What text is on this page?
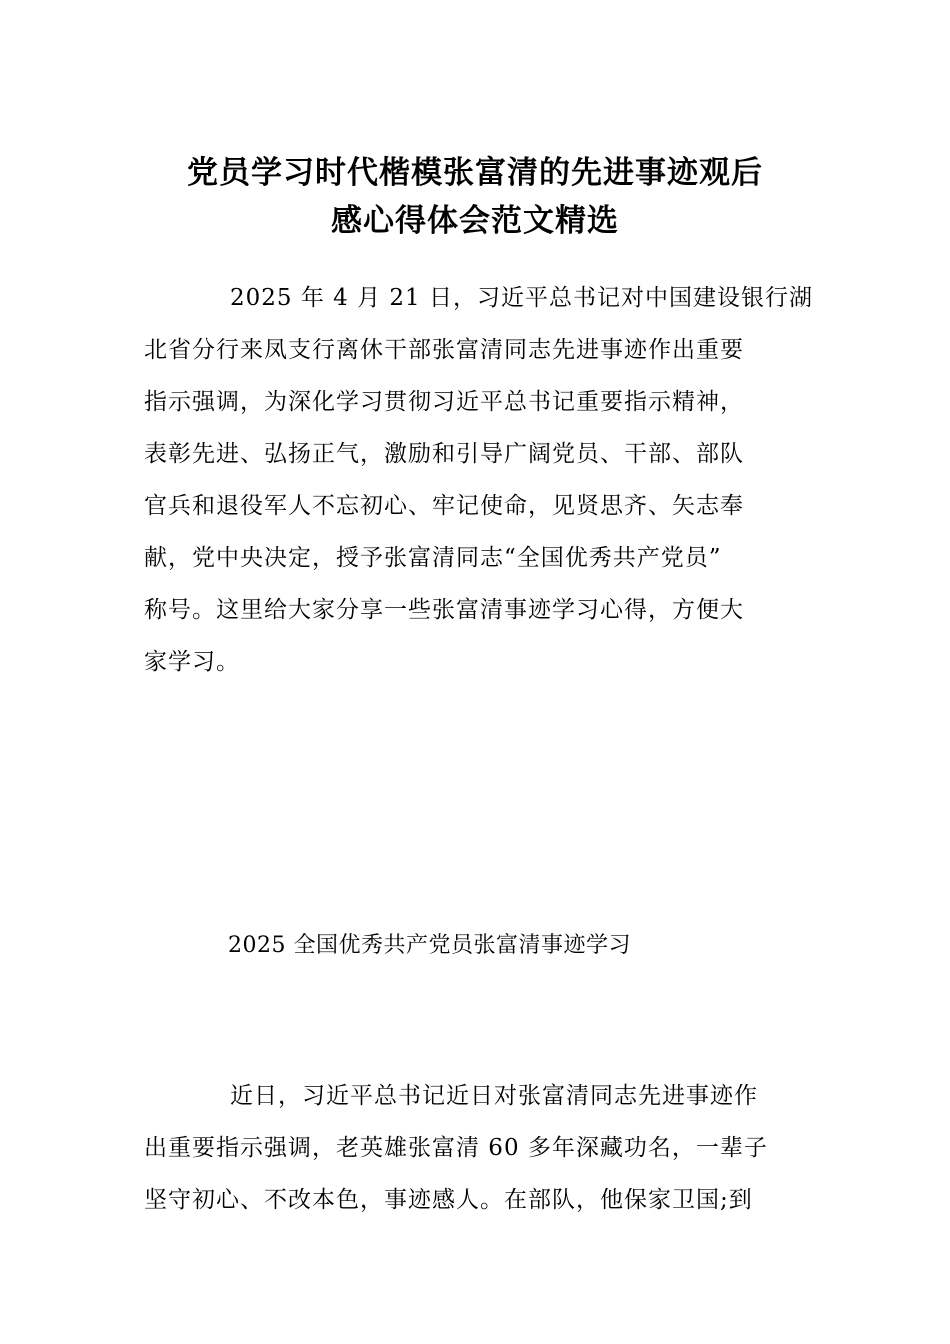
党员学习时代楷模张富清的先进事迹观后
感心得体会范文精选
2025 年 4 月 21 日，习近平总书记对中国建设银行湖
北省分行来凤支行离休干部张富清同志先进事迹作出重要
指示强调，为深化学习贯彻习近平总书记重要指示精神，
表彰先进、弘扬正气，激励和引导广阔党员、干部、部队
官兵和退役军人不忘初心、牢记使命，见贤思齐、矢志奉
献，党中央决定，授予张富清同志“全国优秀共产党员”
称号。这里给大家分享一些张富清事迹学习心得，方便大
家学习。
2025 全国优秀共产党员张富清事迹学习
近日，习近平总书记近日对张富清同志先进事迹作
出重要指示强调，老英雄张富清 60 多年深藏功名，一辈子
坚守初心、不改本色，事迹感人。在部队，他保家卫国;到
